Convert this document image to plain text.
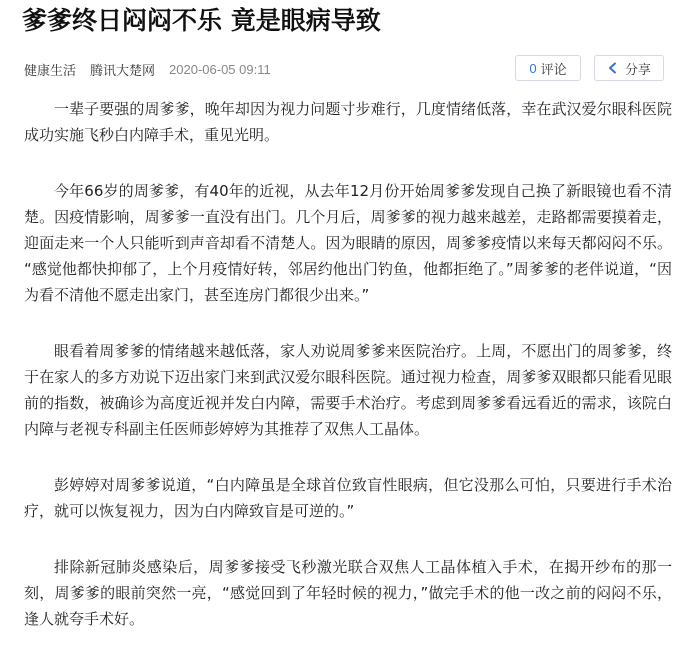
爹爹终日闷闷不乐 竟是眼病导致
健康生活 腾讯大楚网 2020-06-05 09:11	0 评论	分享

一辈子要强的周爹爹，晚年却因为视力问题寸步难行，几度情绪低落，幸在武汉爱尔眼科医院成功实施飞秒白内障手术，重见光明。

今年66岁的周爹爹，有40年的近视，从去年12月份开始周爹爹发现自己换了新眼镜也看不清楚。因疫情影响，周爹爹一直没有出门。几个月后，周爹爹的视力越来越差，走路都需要摸着走，迎面走来一个人只能听到声音却看不清楚人。因为眼睛的原因，周爹爹疫情以来每天都闷闷不乐。 “感觉他都快抑郁了，上个月疫情好转，邻居约他出门钓鱼，他都拒绝了。”周爹爹的老伴说道，“因为看不清他不愿走出家门，甚至连房门都很少出来。”

眼看着周爹爹的情绪越来越低落，家人劝说周爹爹来医院治疗。上周，不愿出门的周爹爹，终于在家人的多方劝说下迈出家门来到武汉爱尔眼科医院。通过视力检查，周爹爹双眼都只能看见眼前的指数，被确诊为高度近视并发白内障，需要手术治疗。考虑到周爹爹看远看近的需求，该院白内障与老视专科副主任医师彭婷婷为其推荐了双焦人工晶体。

彭婷婷对周爹爹说道，“白内障虽是全球首位致盲性眼病，但它没那么可怕，只要进行手术治疗，就可以恢复视力，因为白内障致盲是可逆的。”

排除新冠肺炎感染后，周爹爹接受飞秒激光联合双焦人工晶体植入手术，在揭开纱布的那一刻，周爹爹的眼前突然一亮，“感觉回到了年轻时候的视力，”做完手术的他一改之前的闷闷不乐，逢人就夸手术好。
